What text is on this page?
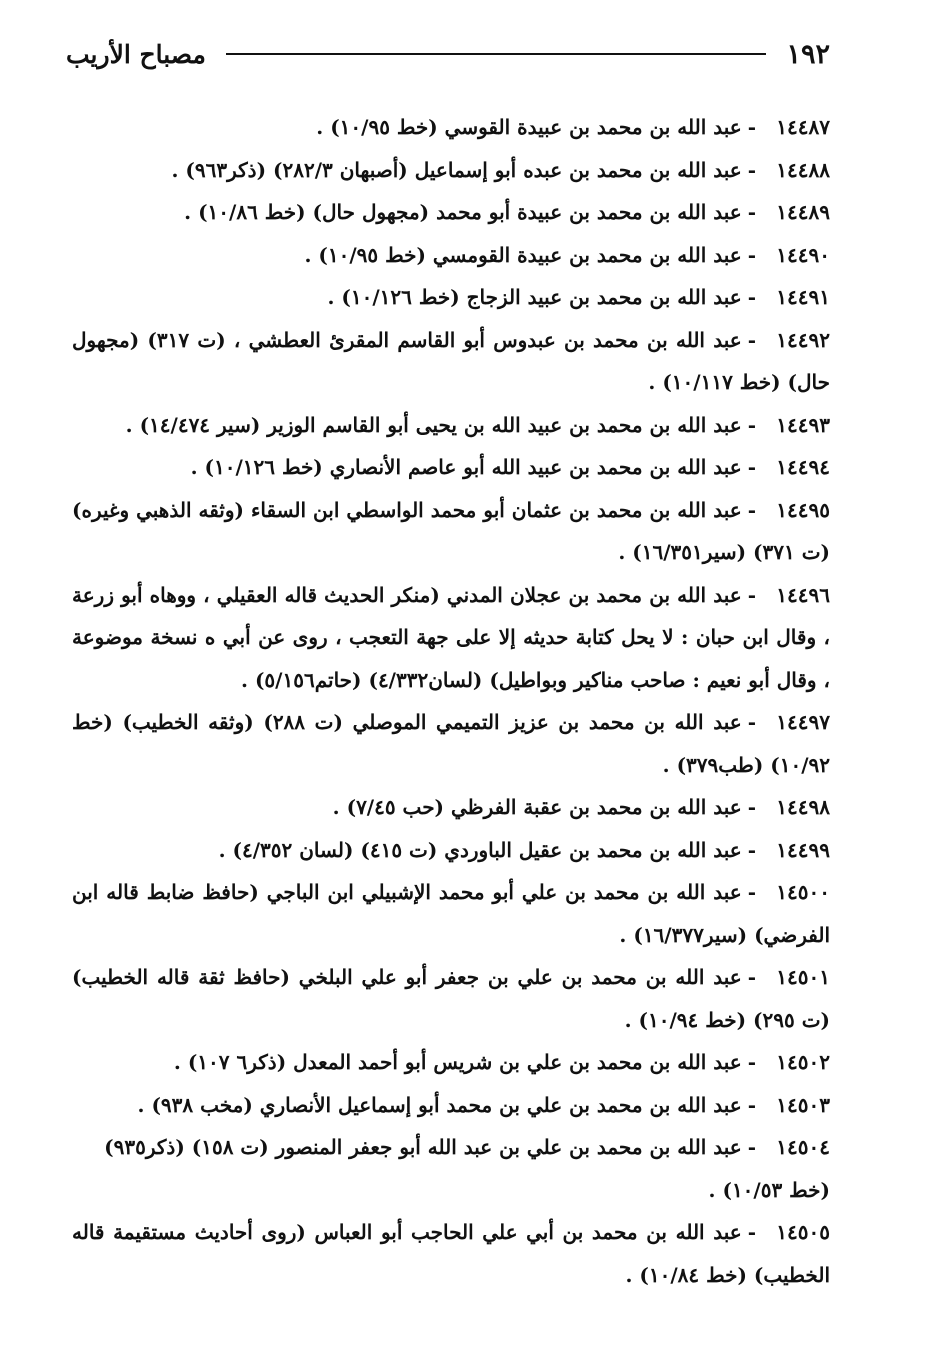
١٩٢
مصباح الأريب

١٤٤٨٧-عبد الله بن محمد بن عبيدة القوسي (خط ١٠/٩٥) .

١٤٤٨٨-عبد الله بن محمد بن عبده أبو إسماعيل (أصبهان ٢٨٢/٣) (ذكر٩٦٣) .

١٤٤٨٩-عبد الله بن محمد بن عبيدة أبو محمد (مجهول حال) (خط ١٠/٨٦) .

١٤٤٩٠-عبد الله بن محمد بن عبيدة القومسي (خط ١٠/٩٥) .

١٤٤٩١-عبد الله بن محمد بن عبيد الزجاج (خط ١٠/١٢٦) .

١٤٤٩٢-عبد الله بن محمد بن عبدوس أبو القاسم المقرئ العطشي ، (ت ٣١٧) (مجهول حال) (خط ١٠/١١٧) .

١٤٤٩٣-عبد الله بن محمد بن عبيد الله بن يحيى أبو القاسم الوزير (سير ١٤/٤٧٤) .

١٤٤٩٤-عبد الله بن محمد بن عبيد الله أبو عاصم الأنصاري (خط ١٠/١٢٦) .

١٤٤٩٥-عبد الله بن محمد بن عثمان أبو محمد الواسطي ابن السقاء (وثقه الذهبي وغيره) (ت ٣٧١) (سير١٦/٣٥١) .

١٤٤٩٦-عبد الله بن محمد بن عجلان المدني (منكر الحديث قاله العقيلي ، ووهاه أبو زرعة ، وقال ابن حبان : لا يحل كتابة حديثه إلا على جهة التعجب ، روى عن أبي ه نسخة موضوعة ، وقال أبو نعيم : صاحب مناكير وبواطيل) (لسان٤/٣٣٢) (حاتم٥/١٥٦) .

١٤٤٩٧-عبد الله بن محمد بن عزيز التميمي الموصلي (ت ٢٨٨) (وثقه الخطيب) (خط ١٠/٩٢) (طب٣٧٩) .

١٤٤٩٨-عبد الله بن محمد بن عقبة الفرظي (حب ٧/٤٥) .

١٤٤٩٩-عبد الله بن محمد بن عقيل الباوردي (ت ٤١٥) (لسان ٤/٣٥٢) .

١٤٥٠٠-عبد الله بن محمد بن علي أبو محمد الإشبيلي ابن الباجي (حافظ ضابط قاله ابن الفرضي) (سير١٦/٣٧٧) .

١٤٥٠١-عبد الله بن محمد بن علي بن جعفر أبو علي البلخي (حافظ ثقة قاله الخطيب) (ت ٢٩٥) (خط ١٠/٩٤) .

١٤٥٠٢-عبد الله بن محمد بن علي بن شريس أبو أحمد المعدل (ذكر٦ ١٠٧) .

١٤٥٠٣-عبد الله بن محمد بن علي بن محمد أبو إسماعيل الأنصاري (مخب ٩٣٨) .

١٤٥٠٤-عبد الله بن محمد بن علي بن عبد الله أبو جعفر المنصور (ت ١٥٨) (ذكر٩٣٥) (خط ١٠/٥٣) .

١٤٥٠٥-عبد الله بن محمد بن أبي علي الحاجب أبو العباس (روى أحاديث مستقيمة قاله الخطيب) (خط ١٠/٨٤) .
